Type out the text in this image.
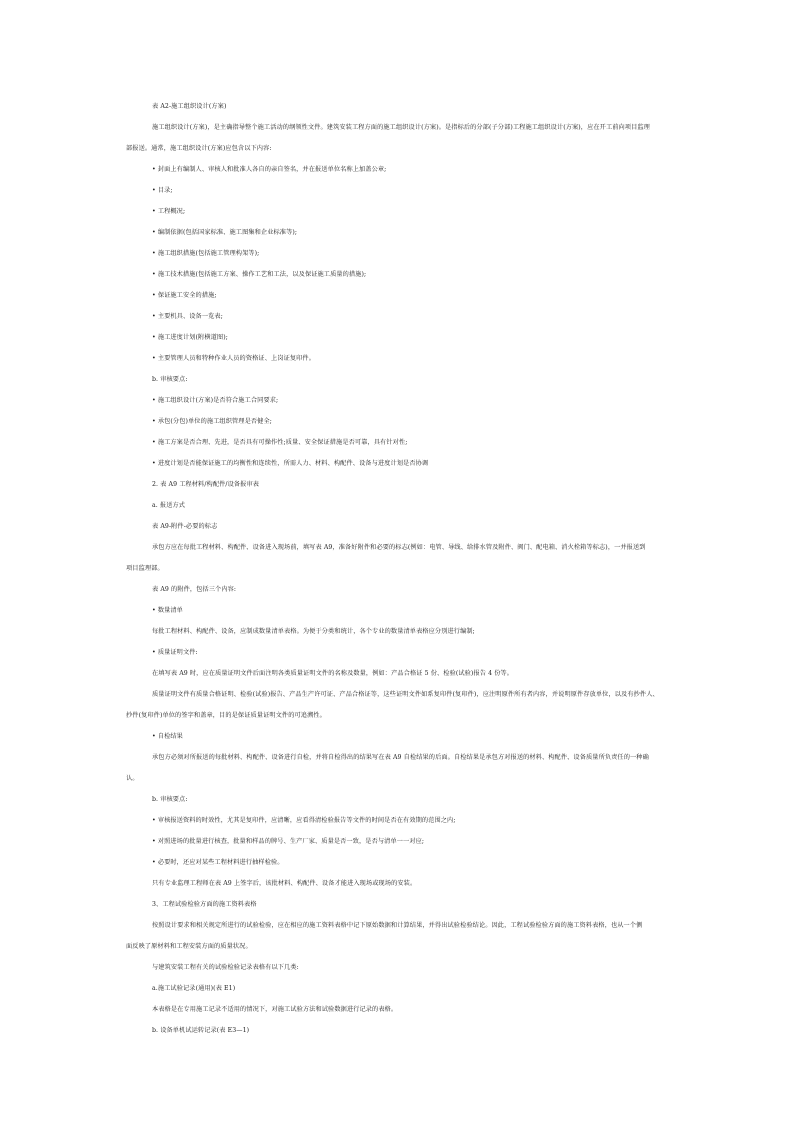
表 A2-施工组织设计(方案)
施工组织设计(方案)，是主确指导整个施工活动的纲领性文件。建筑安装工程方面的施工组织设计(方案)。是指标后的分部(子分部)工程施工组织设计(方案)，应在开工前向项目监理
部报送。通常，施工组织设计(方案)应包含以下内容:
• 封面上有编制人、审核人和批准人各自的亲自签名，并在报送单位名称上加盖公章;
• 目录;
• 工程概况;
• 编制依据(包括国家标准、施工图集和企业标准等);
• 施工组织措施(包括施工管理构架等);
• 施工技术措施(包括施工方案、操作工艺和工法，以及保证施工质量的措施);
• 保证施工安全的措施;
• 主要机具、设备一览表;
• 施工进度计划(附横道图);
• 主要管理人员和特种作业人员的资格证、上岗证复印件。
b. 审核要点:
• 施工组织设计(方案)是否符合施工合同要求;
• 承包(分包)单位的施工组织管理是否健全;
• 施工方案是否合理、先进，是否具有可操作性;质量、安全保证措施是否可靠，具有针对性;
• 进度计划是否能保证施工的均衡性和连续性，所需人力、材料、构配件、设备与进度计划是否协调
2. 表 A9 工程材料/构配件/设备报审表
a. 报送方式
表 A9-附件-必要的标志
承包方应在每批工程材料、构配件、设备进入现场前，填写表 A9，准备好附件和必要的标志(例如：电管、导线、给排水管及附件、阀门、配电箱、消火栓箱等标志)，一并报送到
项目监理部。
表 A9 的附件，包括三个内容:
• 数量清单
每批工程材料、构配件、设备，应制成数量清单表格。为便于分类和统计，各个专业的数量清单表格应分别进行编制;
• 质量证明文件:
在填写表 A9 时，应在质量证明文件后面注明各类质量证明文件的名称及数量，例如：产品合格证 5 份、检验(试验)报告 4 份等。
质量证明文件有质量合格证明、检验(试验)报告、产品生产许可证、产品合格证等，这些证明文件如系复印件(复印件)，应注明原件所有者内容，并说明原件存放单位，以及有抄件人、
抄件(复印件)单位的签字和盖章，目的是保证质量证明文件的可追溯性。
• 自检结果
承包方必须对所报送的每批材料、构配件、设备进行自检，并将自检得出的结果写在表 A9 自检结果的后面。自检结果是承包方对报送的材料、构配件、设备质量所负责任的一种确
认。
b. 审核要点:
• 审核报送资料的时效性，尤其是复印件，应清晰，应看得清检验报告等文件的时间是否在有效期的范围之内;
• 对照进场的批量进行核查，批量和样品的牌号、生产厂家、质量是否一致，是否与清单一一对应;
• 必要时，还应对某些工程材料进行抽样检验。
只有专业监理工程师在表 A9 上签字后，该批材料、构配件、设备才能进入现场或现场的安装。
3、工程试验检验方面的施工资料表格
按照设计要求和相关规定所进行的试验检验，应在相应的施工资料表格中记下原始数据和计算结果，并得出试验检验结论。因此，工程试验检验方面的施工资料表格，也从一个侧
面反映了原材料和工程安装方面的质量状况。
与建筑安装工程有关的试验检验记录表格有以下几类:
a.施工试验记录(通用)(表 E1)
本表格是在专用施工记录不适用的情况下，对施工试验方法和试验数据进行记录的表格。
b. 设备单机试运转记录(表 E3—1)
